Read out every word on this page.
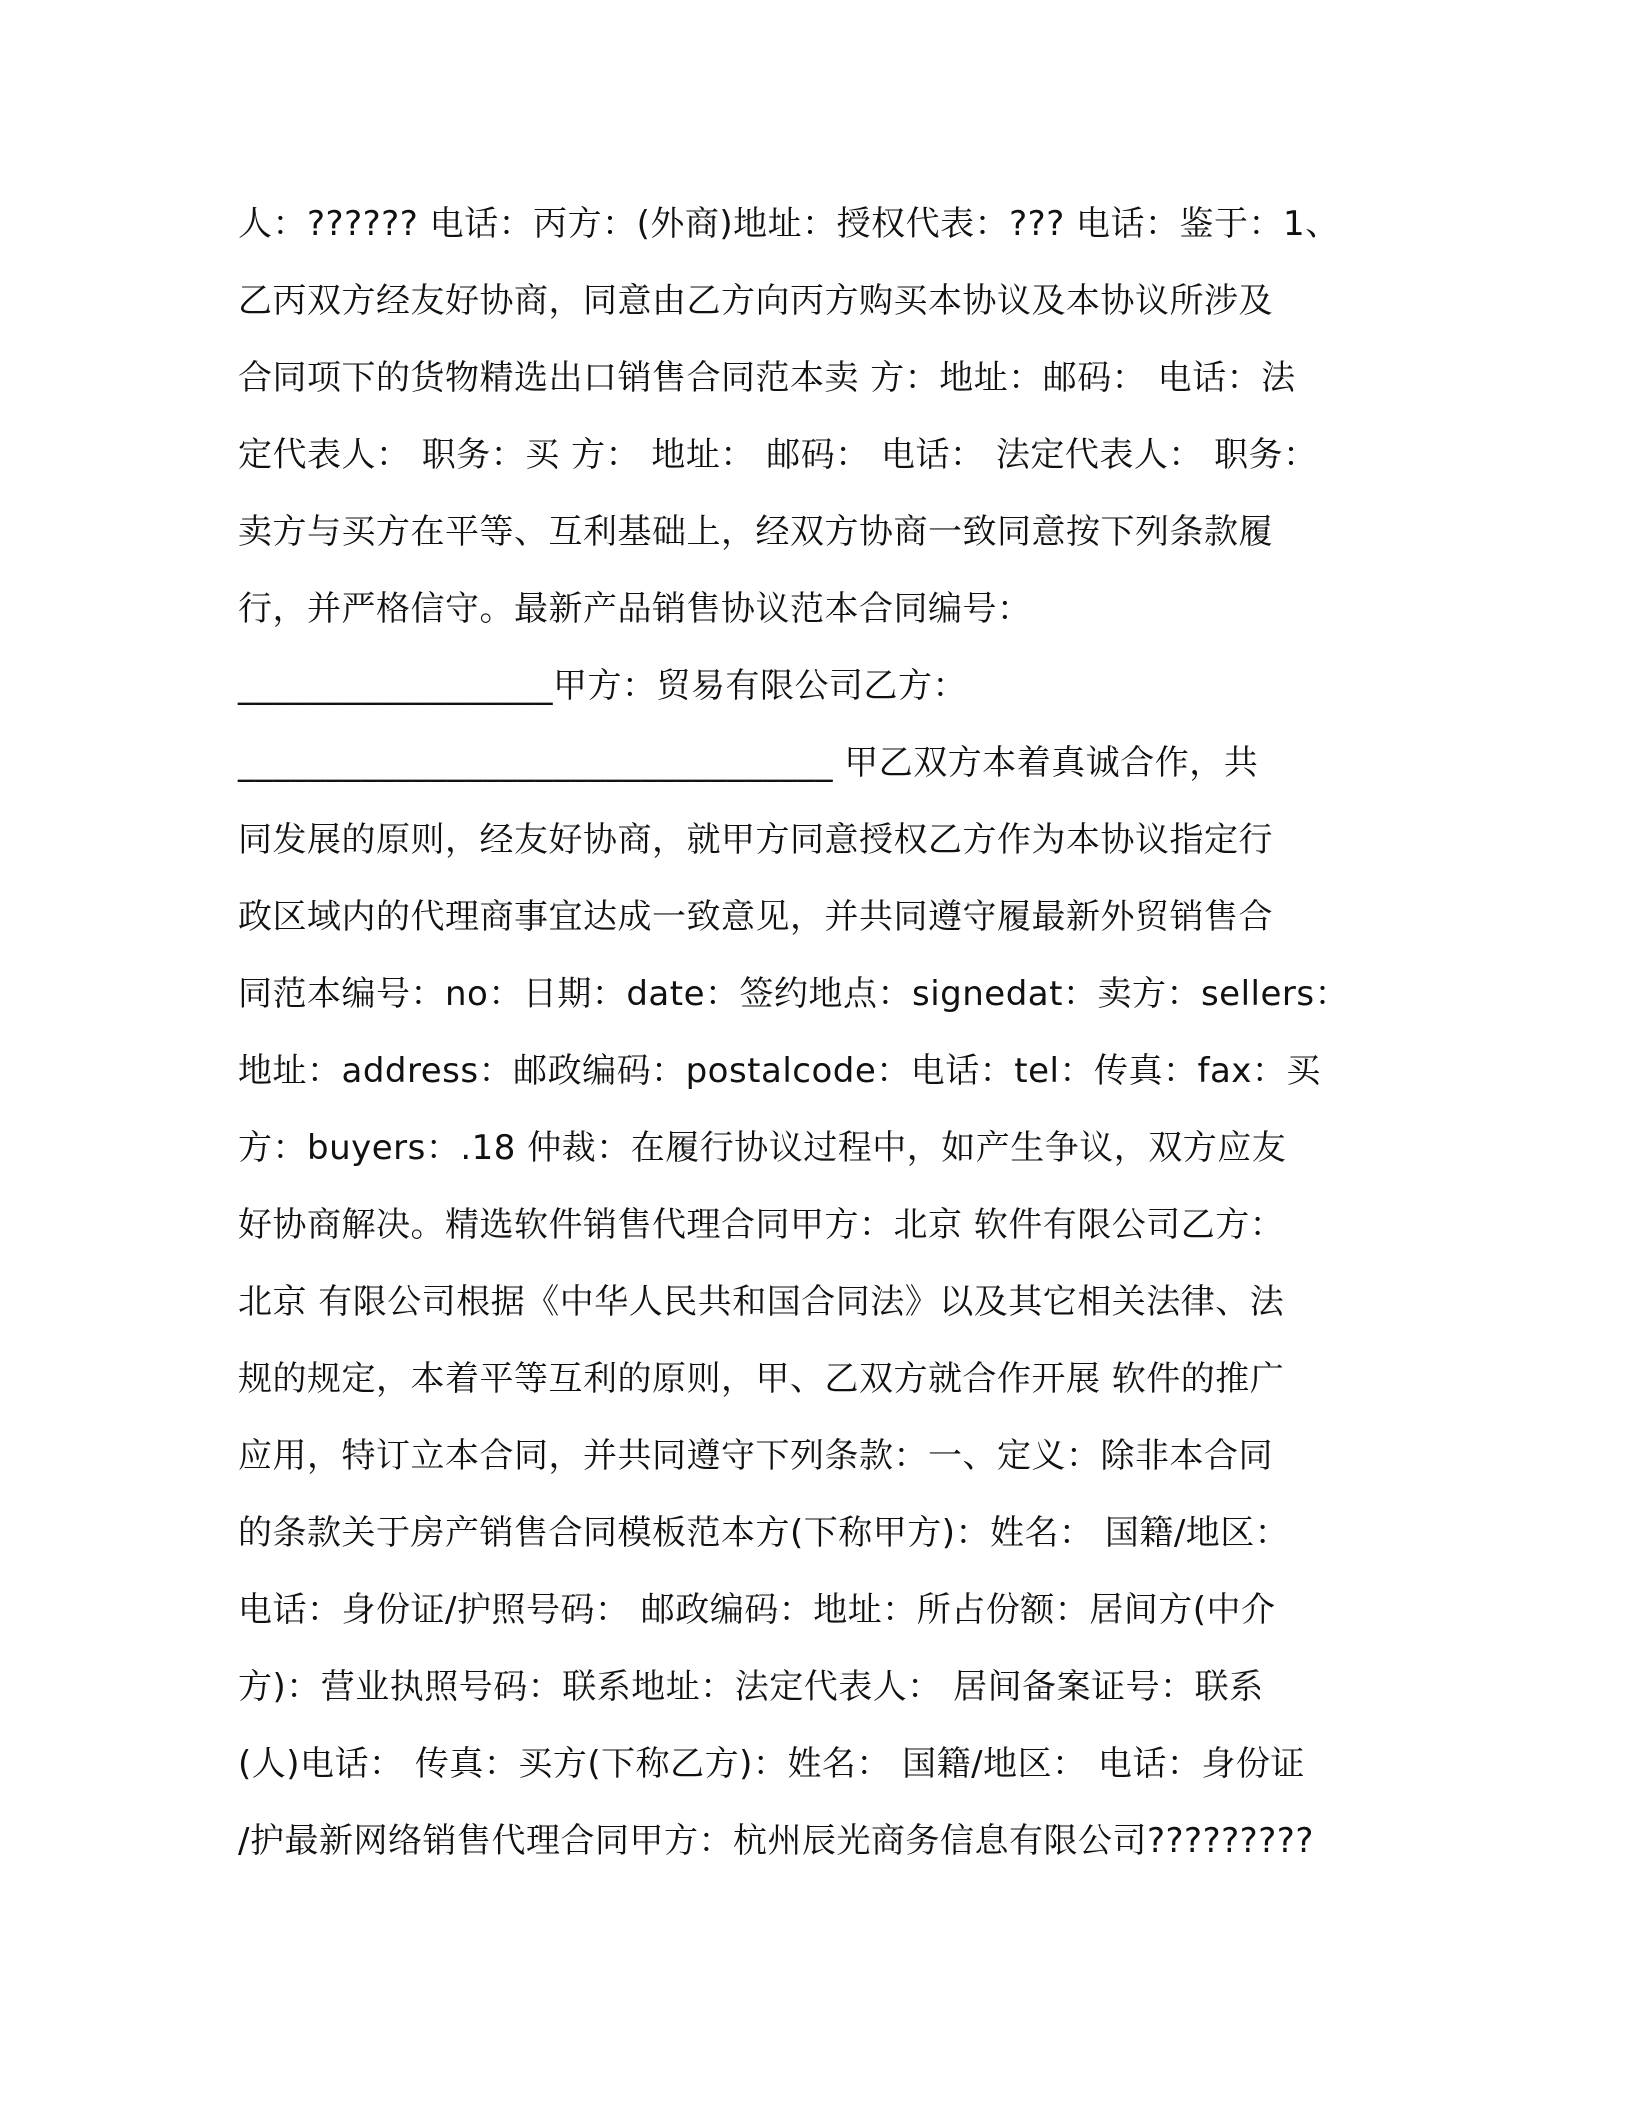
人：?????? 电话：丙方：(外商)地址：授权代表：??? 电话：鉴于：1、
乙丙双方经友好协商，同意由乙方向丙方购买本协议及本协议所涉及
合同项下的货物精选出口销售合同范本卖 方：地址：邮码： 电话：法
定代表人： 职务：买 方： 地址： 邮码： 电话： 法定代表人： 职务：
卖方与买方在平等、互利基础上，经双方协商一致同意按下列条款履
行，并严格信守。最新产品销售协议范本合同编号：
__________________甲方：贸易有限公司乙方：
__________________________________ 甲乙双方本着真诚合作，共
同发展的原则，经友好协商，就甲方同意授权乙方作为本协议指定行
政区域内的代理商事宜达成一致意见，并共同遵守履最新外贸销售合
同范本编号：no：日期：date：签约地点：signedat：卖方：sellers：
地址：address：邮政编码：postalcode：电话：tel：传真：fax：买
方：buyers：.18 仲裁：在履行协议过程中，如产生争议，双方应友
好协商解决。精选软件销售代理合同甲方：北京 软件有限公司乙方：
北京 有限公司根据《中华人民共和国合同法》以及其它相关法律、法
规的规定，本着平等互利的原则，甲、乙双方就合作开展 软件的推广
应用，特订立本合同，并共同遵守下列条款：一、定义：除非本合同
的条款关于房产销售合同模板范本方(下称甲方)：姓名： 国籍/地区：
电话：身份证/护照号码： 邮政编码：地址：所占份额：居间方(中介
方)：营业执照号码：联系地址：法定代表人： 居间备案证号：联系
(人)电话： 传真：买方(下称乙方)：姓名： 国籍/地区： 电话：身份证
/护最新网络销售代理合同甲方：杭州辰光商务信息有限公司?????????
